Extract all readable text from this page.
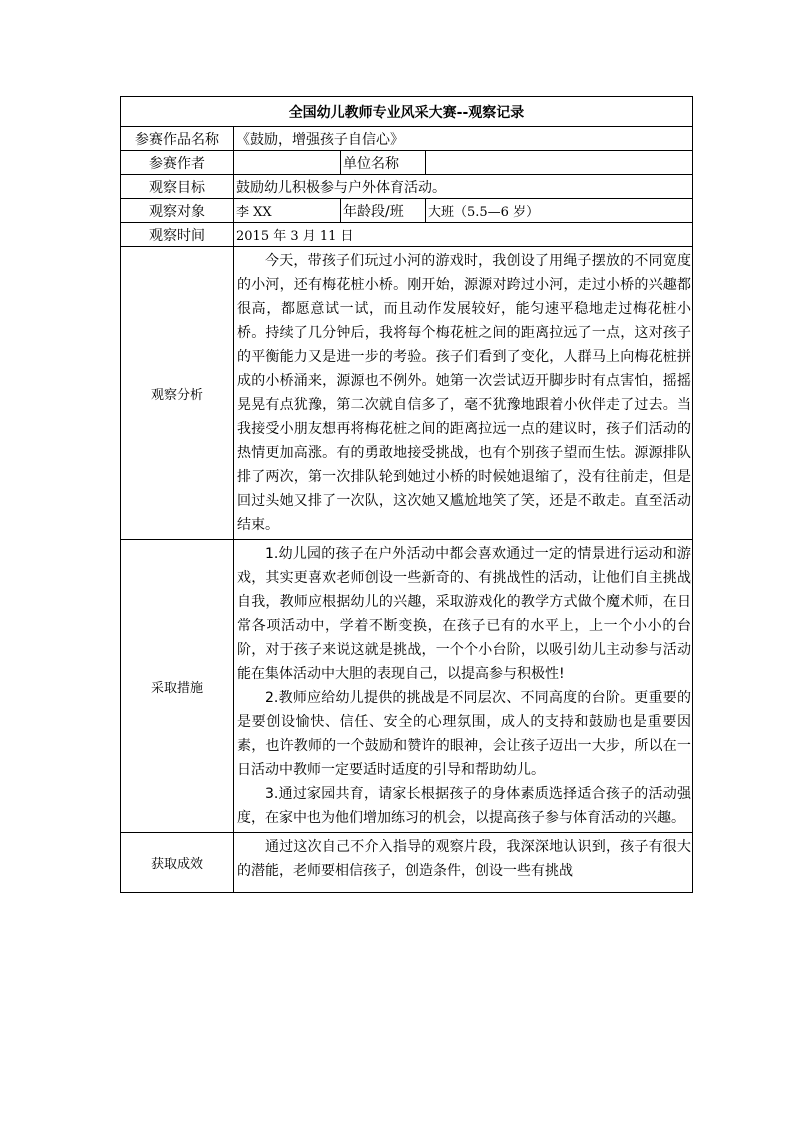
全国幼儿教师专业风采大赛--观察记录			
参赛作品名称	《鼓励，增强孩子自信心》		
参赛作者		单位名称	
观察目标	鼓励幼儿积极参与户外体育活动。		
观察对象	李 XX	年龄段/班	大班（5.5—6 岁）
观察时间	2015 年 3 月 11 日		
观察分析	今天，带孩子们玩过小河的游戏时，我创设了用绳子摆放的不同宽度的小河，还有梅花桩小桥。刚开始，源源对跨过小河，走过小桥的兴趣都很高，都愿意试一试，而且动作发展较好，能匀速平稳地走过梅花桩小桥。持续了几分钟后，我将每个梅花桩之间的距离拉远了一点，这对孩子的平衡能力又是进一步的考验。孩子们看到了变化，人群马上向梅花桩拼成的小桥涌来，源源也不例外。她第一次尝试迈开脚步时有点害怕，摇摇晃晃有点犹豫，第二次就自信多了，毫不犹豫地跟着小伙伴走了过去。当我接受小朋友想再将梅花桩之间的距离拉远一点的建议时，孩子们活动的热情更加高涨。有的勇敢地接受挑战，也有个别孩子望而生怯。源源排队排了两次，第一次排队轮到她过小桥的时候她退缩了，没有往前走，但是回过头她又排了一次队，这次她又尴尬地笑了笑，还是不敢走。直至活动结束。		

采取措施	1.幼儿园的孩子在户外活动中都会喜欢通过一定的情景进行运动和游戏，其实更喜欢老师创设一些新奇的、有挑战性的活动，让他们自主挑战自我，教师应根据幼儿的兴趣，采取游戏化的教学方式做个魔术师，在日常各项活动中，学着不断变换，在孩子已有的水平上，上一个小小的台阶，对于孩子来说这就是挑战，一个个小台阶，以吸引幼儿主动参与活动能在集体活动中大胆的表现自己，以提高参与积极性!

2.教师应给幼儿提供的挑战是不同层次、不同高度的台阶。更重要的是要创设愉快、信任、安全的心理氛围，成人的支持和鼓励也是重要因素，也许教师的一个鼓励和赞许的眼神，会让孩子迈出一大步，所以在一日活动中教师一定要适时适度的引导和帮助幼儿。

3.通过家园共育，请家长根据孩子的身体素质选择适合孩子的活动强度，在家中也为他们增加练习的机会，以提高孩子参与体育活动的兴趣。		

获取成效	通过这次自己不介入指导的观察片段，我深深地认识到，孩子有很大的潜能，老师要相信孩子，创造条件，创设一些有挑战		
